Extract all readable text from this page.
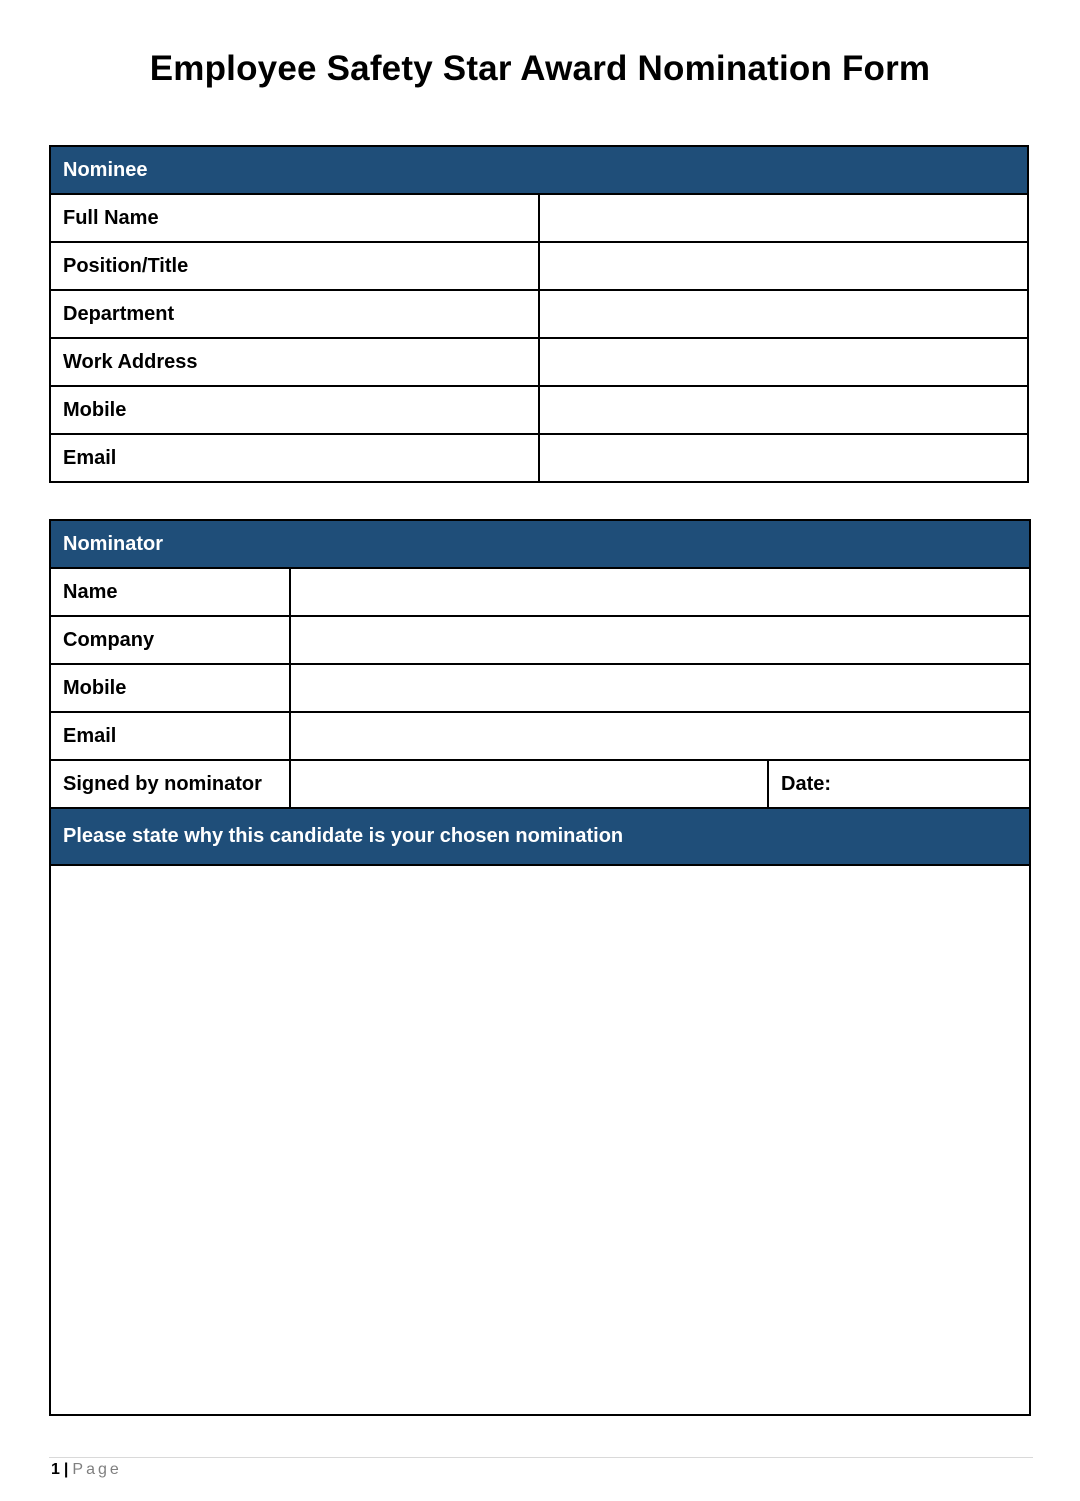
Employee Safety Star Award Nomination Form
Nominee	
Full Name	
Position/Title	
Department	
Work Address	
Mobile	
Email	
Nominator		
Name		
Company		
Mobile		
Email		
Signed by nominator		Date:
Please state why this candidate is your chosen nomination		

1 | Page
